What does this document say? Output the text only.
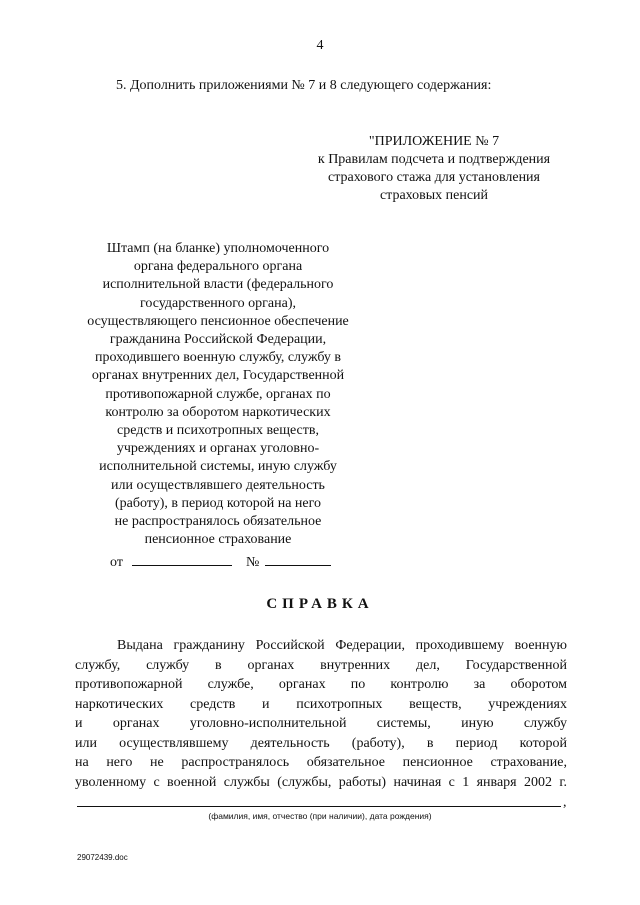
4
5. Дополнить приложениями № 7 и 8 следующего содержания:
"ПРИЛОЖЕНИЕ № 7
к Правилам подсчета и подтверждения
страхового стажа для установления
страховых пенсий
Штамп (на бланке) уполномоченного
органа федерального органа
исполнительной власти (федерального
государственного органа),
осуществляющего пенсионное обеспечение
гражданина Российской Федерации,
проходившего военную службу, службу в
органах внутренних дел, Государственной
противопожарной службе, органах по
контролю за оборотом наркотических
средств и психотропных веществ,
учреждениях и органах уголовно-
исполнительной системы, иную службу
или осуществлявшего деятельность
(работу), в период которой на него
не распространялось обязательное
пенсионное страхование
от	№
СПРАВКА
Выдана гражданину Российской Федерации, проходившему военную
службу, службу в органах внутренних дел, Государственной
противопожарной службе, органах по контролю за оборотом
наркотических средств и психотропных веществ, учреждениях
и органах уголовно-исполнительной системы, иную службу
или осуществлявшему деятельность (работу), в период которой
на него не распространялось обязательное пенсионное страхование,
уволенному с военной службы (службы, работы) начиная с 1 января 2002 г.
,
(фамилия, имя, отчество (при наличии), дата рождения)
29072439.doc
